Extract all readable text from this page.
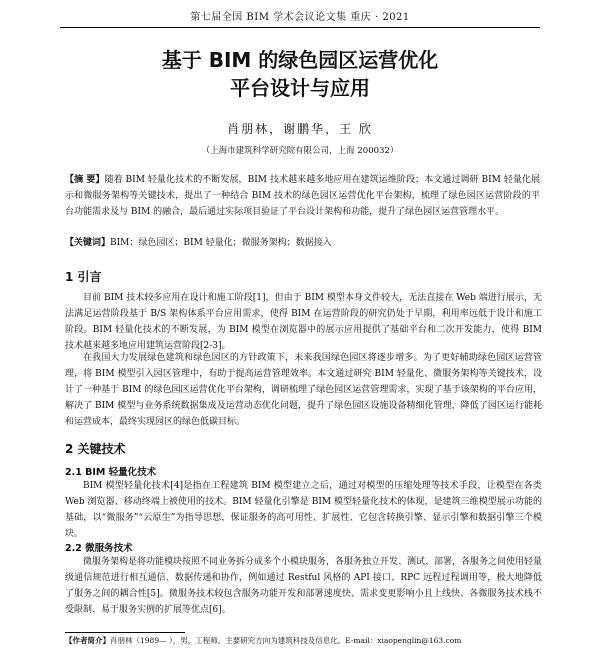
第七届全国 BIM 学术会议论文集 重庆 · 2021
基于 BIM 的绿色园区运营优化
平台设计与应用
肖朋林，谢鹏华，王 欣
（上海市建筑科学研究院有限公司，上海 200032）
【摘 要】随着 BIM 轻量化技术的不断发展，BIM 技术越来越多地应用在建筑运维阶段；本文通过调研 BIM 轻量化展示和微服务架构等关键技术，提出了一种结合 BIM 技术的绿色园区运营优化平台架构，梳理了绿色园区运营阶段的平台功能需求及与 BIM 的融合，最后通过实际项目验证了平台设计架构和功能，提升了绿色园区运营管理水平。
【关键词】BIM；绿色园区；BIM 轻量化；微服务架构；数据接入
1 引言
目前 BIM 技术较多应用在设计和施工阶段[1]，但由于 BIM 模型本身文件较大，无法直接在 Web 端进行展示，无法满足运营阶段基于 B/S 架构体系平台应用需求，使得 BIM 在运营阶段的研究仍处于早期，利用率远低于设计和施工阶段。BIM 轻量化技术的不断发展，为 BIM 模型在浏览器中的展示应用提供了基础平台和二次开发能力，使得 BIM 技术越来越多地应用建筑运营阶段[2-3]。
在我国大力发展绿色建筑和绿色园区的方针政策下，未来我国绿色园区将逐步增多。为了更好辅助绿色园区运营管理，将 BIM 模型引入园区管理中，有助于提高运营管理效率。本文通过研究 BIM 轻量化、微服务架构等关键技术，设计了一种基于 BIM 的绿色园区运营优化平台架构，调研梳理了绿色园区运营管理需求，实现了基于该架构的平台应用，解决了 BIM 模型与业务系统数据集成及运营动态优化问题，提升了绿色园区设施设备精细化管理，降低了园区运行能耗和运营成本，最终实现园区的绿色低碳目标。
2 关键技术
2.1 BIM 轻量化技术
BIM 模型轻量化技术[4]是指在工程建筑 BIM 模型建立之后，通过对模型的压缩处理等技术手段，让模型在各类 Web 浏览器、移动终端上被使用的技术。BIM 轻量化引擎是 BIM 模型轻量化技术的体现，是建筑三维模型展示功能的基础，以“微服务”“云原生”为指导思想，保证服务的高可用性、扩展性、它包含转换引擎、显示引擎和数据引擎三个模块。
2.2 微服务技术
微服务架构是将功能模块按照不同业务拆分成多个小模块服务，各服务独立开发、测试、部署，各服务之间使用轻量级通信规范进行相互通信、数据传递和协作，例如通过 Restful 风格的 API 接口、RPC 远程过程调用等，极大地降低了服务之间的耦合性[5]。微服务技术较包含服务功能开发和部署速度快、需求变更影响小且上线快、各微服务技术栈不受限制、易于服务实例的扩展等优点[6]。
【作者简介】肖朋林（1989— ），男，工程师。主要研究方向为建筑科技及信息化。E-mail：xiaopenglin@163.com
